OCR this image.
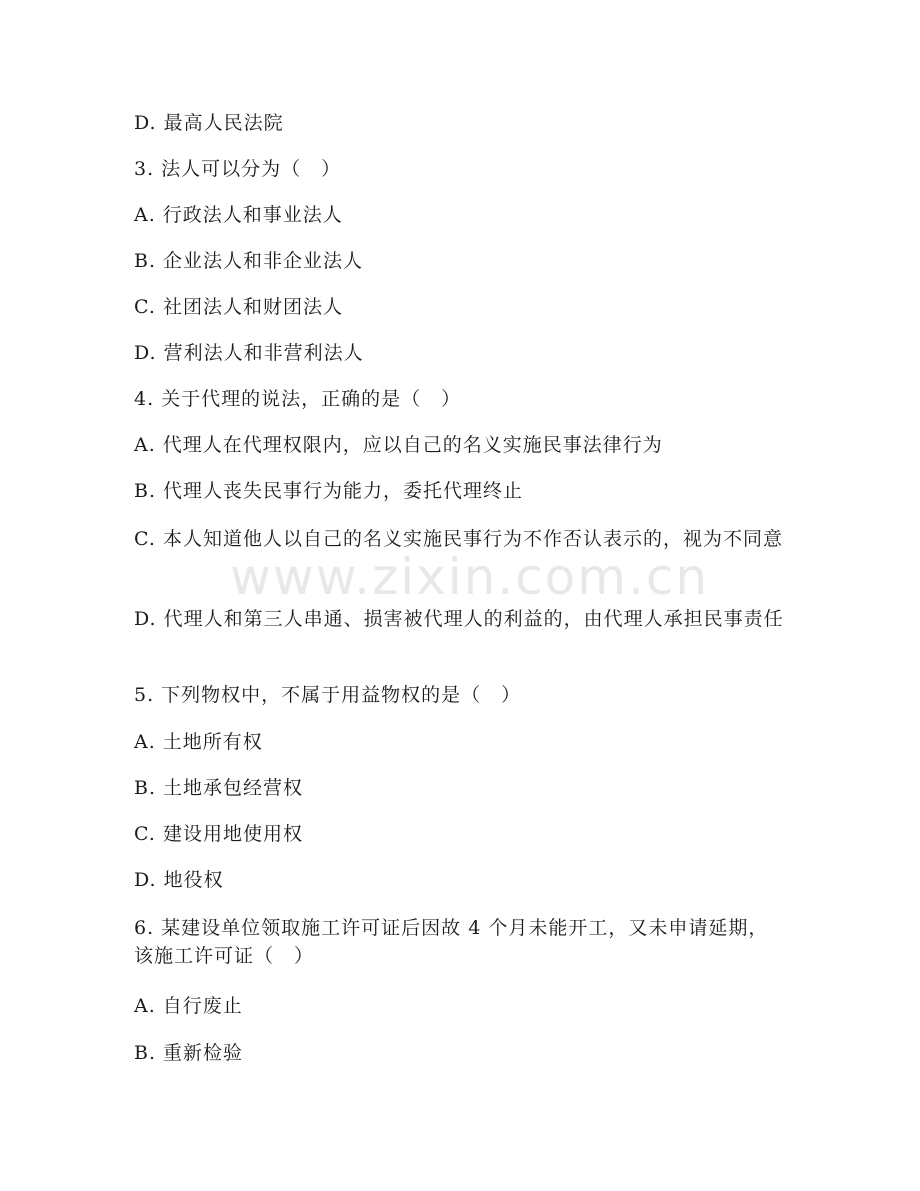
D. 最高人民法院
3. 法人可以分为（　）
A. 行政法人和事业法人
B. 企业法人和非企业法人
C. 社团法人和财团法人
D. 营利法人和非营利法人
4. 关于代理的说法，正确的是（　）
A. 代理人在代理权限内，应以自己的名义实施民事法律行为
B. 代理人丧失民事行为能力，委托代理终止
C. 本人知道他人以自己的名义实施民事行为不作否认表示的，视为不同意
D. 代理人和第三人串通、损害被代理人的利益的，由代理人承担民事责任
5. 下列物权中，不属于用益物权的是（　）
A. 土地所有权
B. 土地承包经营权
C. 建设用地使用权
D. 地役权
6. 某建设单位领取施工许可证后因故 4 个月未能开工，又未申请延期，该施工许可证（　）
A. 自行废止
B. 重新检验
www.zixin.com.cn
